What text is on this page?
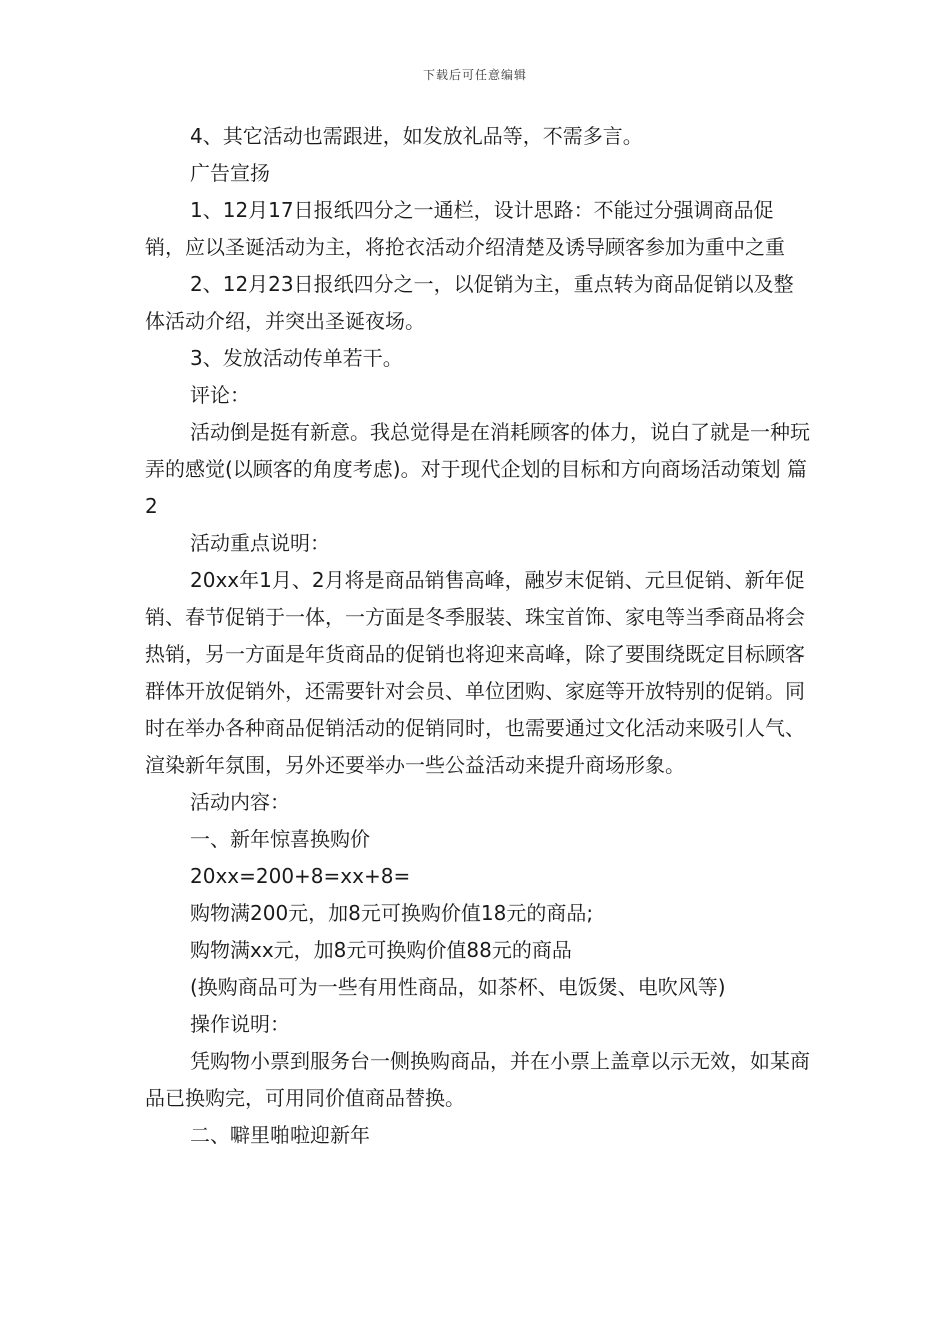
下载后可任意编辑

4、其它活动也需跟进，如发放礼品等，不需多言。

广告宣扬

1、12月17日报纸四分之一通栏，设计思路：不能过分强调商品促销，应以圣诞活动为主，将抢衣活动介绍清楚及诱导顾客参加为重中之重

2、12月23日报纸四分之一，以促销为主，重点转为商品促销以及整体活动介绍，并突出圣诞夜场。

3、发放活动传单若干。

评论：

活动倒是挺有新意。我总觉得是在消耗顾客的体力，说白了就是一种玩弄的感觉(以顾客的角度考虑)。对于现代企划的目标和方向商场活动策划 篇2

活动重点说明：

20xx年1月、2月将是商品销售高峰，融岁末促销、元旦促销、新年促销、春节促销于一体，一方面是冬季服装、珠宝首饰、家电等当季商品将会热销，另一方面是年货商品的促销也将迎来高峰，除了要围绕既定目标顾客群体开放促销外，还需要针对会员、单位团购、家庭等开放特别的促销。同时在举办各种商品促销活动的促销同时，也需要通过文化活动来吸引人气、渲染新年氛围，另外还要举办一些公益活动来提升商场形象。

活动内容：

一、新年惊喜换购价

20xx=200+8=xx+8=

购物满200元，加8元可换购价值18元的商品;

购物满xx元，加8元可换购价值88元的商品

(换购商品可为一些有用性商品，如茶杯、电饭煲、电吹风等)

操作说明：

凭购物小票到服务台一侧换购商品，并在小票上盖章以示无效，如某商品已换购完，可用同价值商品替换。

二、噼里啪啦迎新年
